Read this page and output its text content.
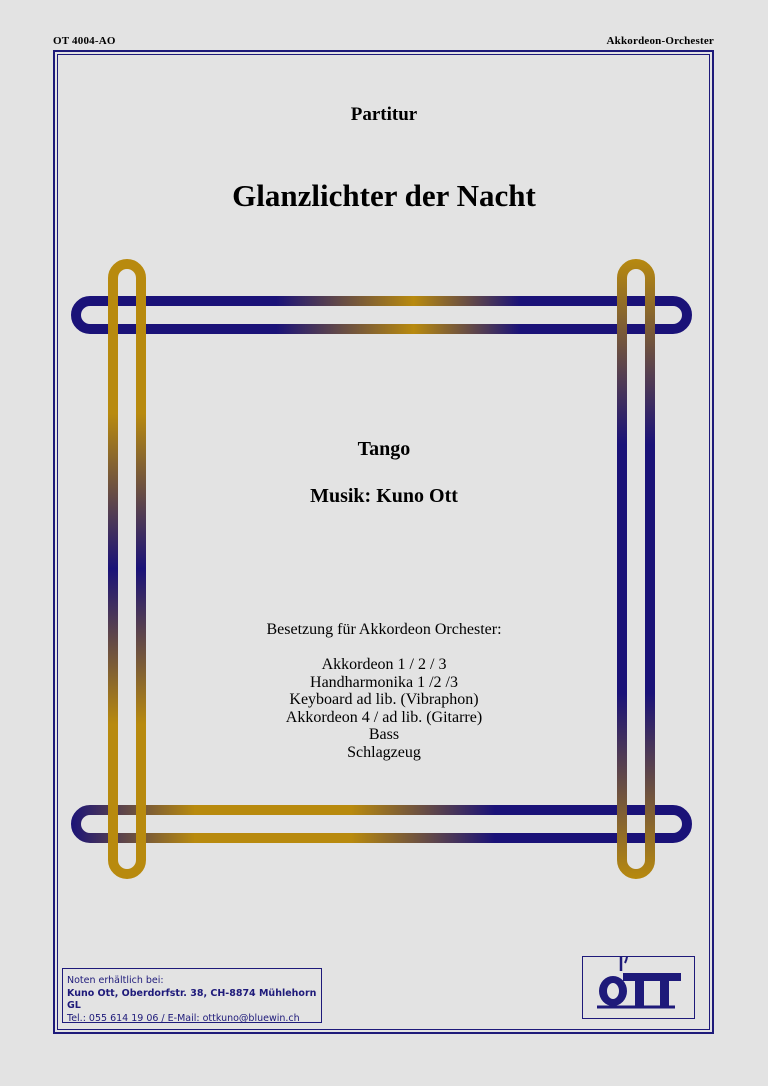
OT 4004-AO	Akkordeon-Orchester
Partitur
Glanzlichter der Nacht
Tango
Musik: Kuno Ott
Besetzung für Akkordeon Orchester:
Akkordeon 1 / 2 / 3
Handharmonika 1 /2 /3
Keyboard ad lib. (Vibraphon)
Akkordeon 4 / ad lib. (Gitarre)
Bass
Schlagzeug
Noten erhältlich bei:
Kuno Ott, Oberdorfstr. 38, CH-8874 Mühlehorn GL
Tel.: 055 614 19 06 / E-Mail: ottkuno@bluewin.ch
